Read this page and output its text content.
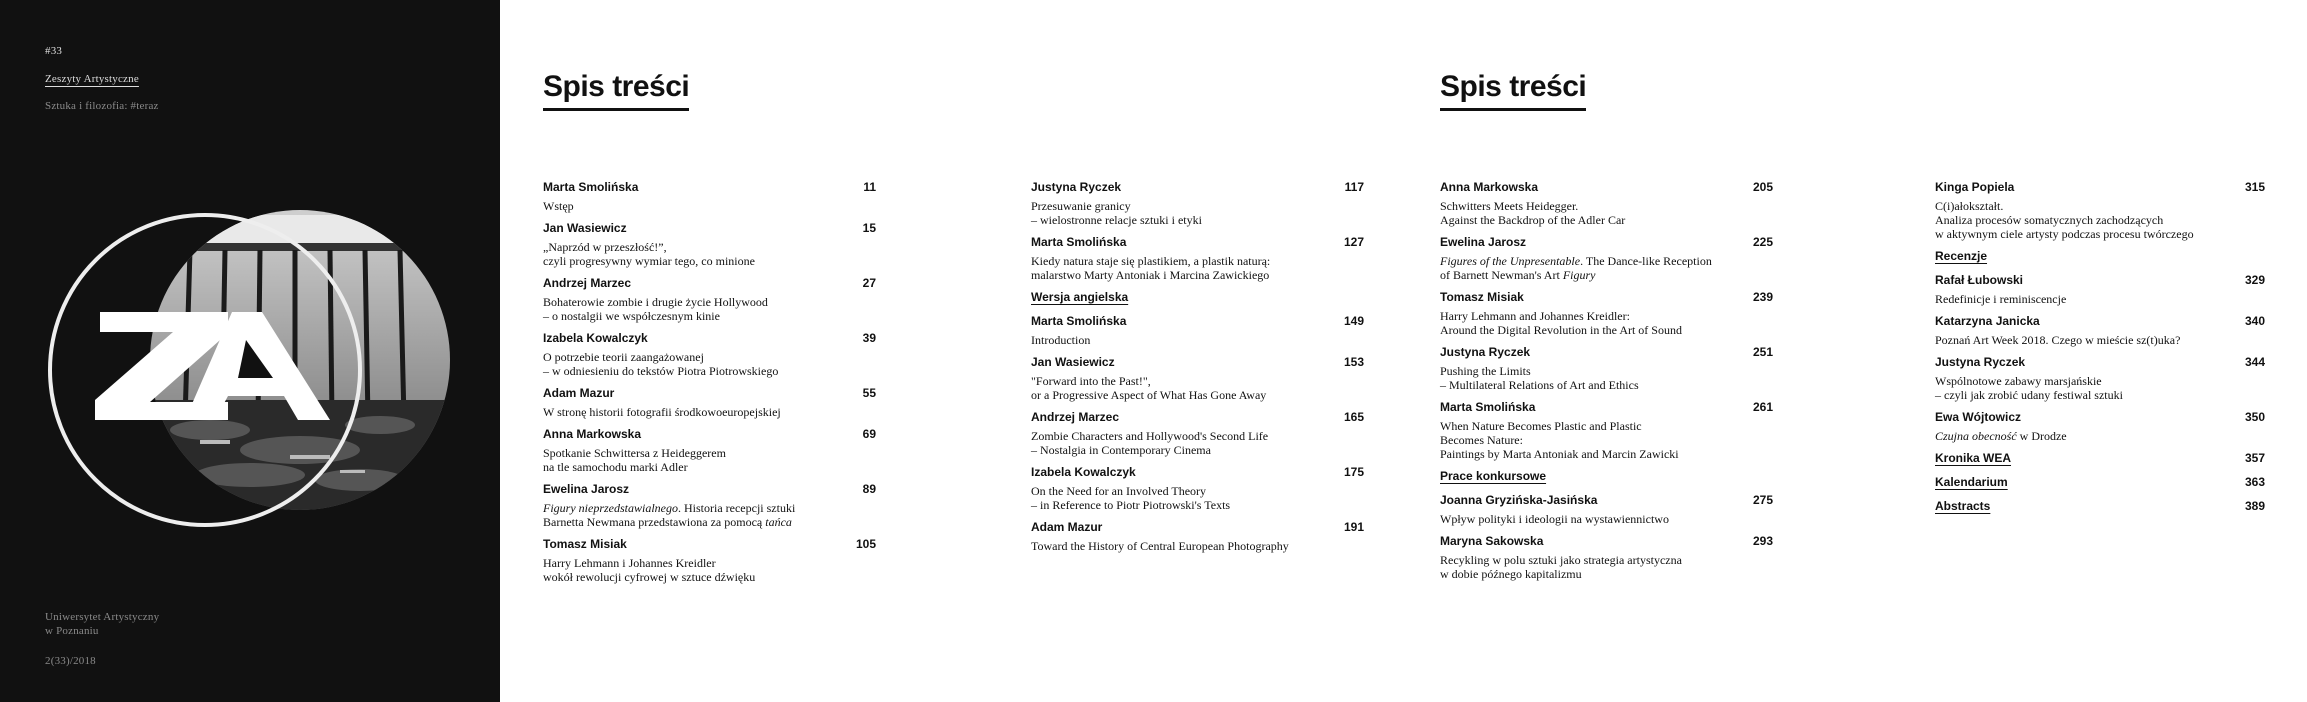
#33
Zeszyty Artystyczne
Sztuka i filozofia: #teraz
Uniwersytet Artystyczny
w Poznaniu
2(33)/2018
Spis treści	Spis treści
Marta Smolińska	11
Wstęp
Jan Wasiewicz	15
„Naprzód w przeszłość!”,
czyli progresywny wymiar tego, co minione
Andrzej Marzec	27
Bohaterowie zombie i drugie życie Hollywood
– o nostalgii we współczesnym kinie
Izabela Kowalczyk	39
O potrzebie teorii zaangażowanej
– w odniesieniu do tekstów Piotra Piotrowskiego
Adam Mazur	55
W stronę historii fotografii środkowoeuropejskiej
Anna Markowska	69
Spotkanie Schwittersa z Heideggerem
na tle samochodu marki Adler
Ewelina Jarosz	89
Figury nieprzedstawialnego. Historia recepcji sztuki
Barnetta Newmana przedstawiona za pomocą tańca
Tomasz Misiak	105
Harry Lehmann i Johannes Kreidler
wokół rewolucji cyfrowej w sztuce dźwięku
Justyna Ryczek	117
Przesuwanie granicy
– wielostronne relacje sztuki i etyki
Marta Smolińska	127
Kiedy natura staje się plastikiem, a plastik naturą:
malarstwo Marty Antoniak i Marcina Zawickiego
Wersja angielska
Marta Smolińska	149
Introduction
Jan Wasiewicz	153
"Forward into the Past!",
or a Progressive Aspect of What Has Gone Away
Andrzej Marzec	165
Zombie Characters and Hollywood's Second Life
– Nostalgia in Contemporary Cinema
Izabela Kowalczyk	175
On the Need for an Involved Theory
– in Reference to Piotr Piotrowski's Texts
Adam Mazur	191
Toward the History of Central European Photography
Anna Markowska	205
Schwitters Meets Heidegger.
Against the Backdrop of the Adler Car
Ewelina Jarosz	225
Figures of the Unpresentable. The Dance-like Reception
of Barnett Newman's Art Figury
Tomasz Misiak	239
Harry Lehmann and Johannes Kreidler:
Around the Digital Revolution in the Art of Sound
Justyna Ryczek	251
Pushing the Limits
– Multilateral Relations of Art and Ethics
Marta Smolińska	261
When Nature Becomes Plastic and Plastic
Becomes Nature:
Paintings by Marta Antoniak and Marcin Zawicki
Prace konkursowe
Joanna Gryzińska-Jasińska	275
Wpływ polityki i ideologii na wystawiennictwo
Maryna Sakowska	293
Recykling w polu sztuki jako strategia artystyczna
w dobie późnego kapitalizmu
Kinga Popiela	315
C(i)ałokształt.
Analiza procesów somatycznych zachodzących
w aktywnym ciele artysty podczas procesu twórczego
Recenzje
Rafał Łubowski	329
Redefinicje i reminiscencje
Katarzyna Janicka	340
Poznań Art Week 2018. Czego w mieście sz(t)uka?
Justyna Ryczek	344
Wspólnotowe zabawy marsjańskie
– czyli jak zrobić udany festiwal sztuki
Ewa Wójtowicz	350
Czujna obecność w Drodze
Kronika WEA	357
Kalendarium	363
Abstracts	389
